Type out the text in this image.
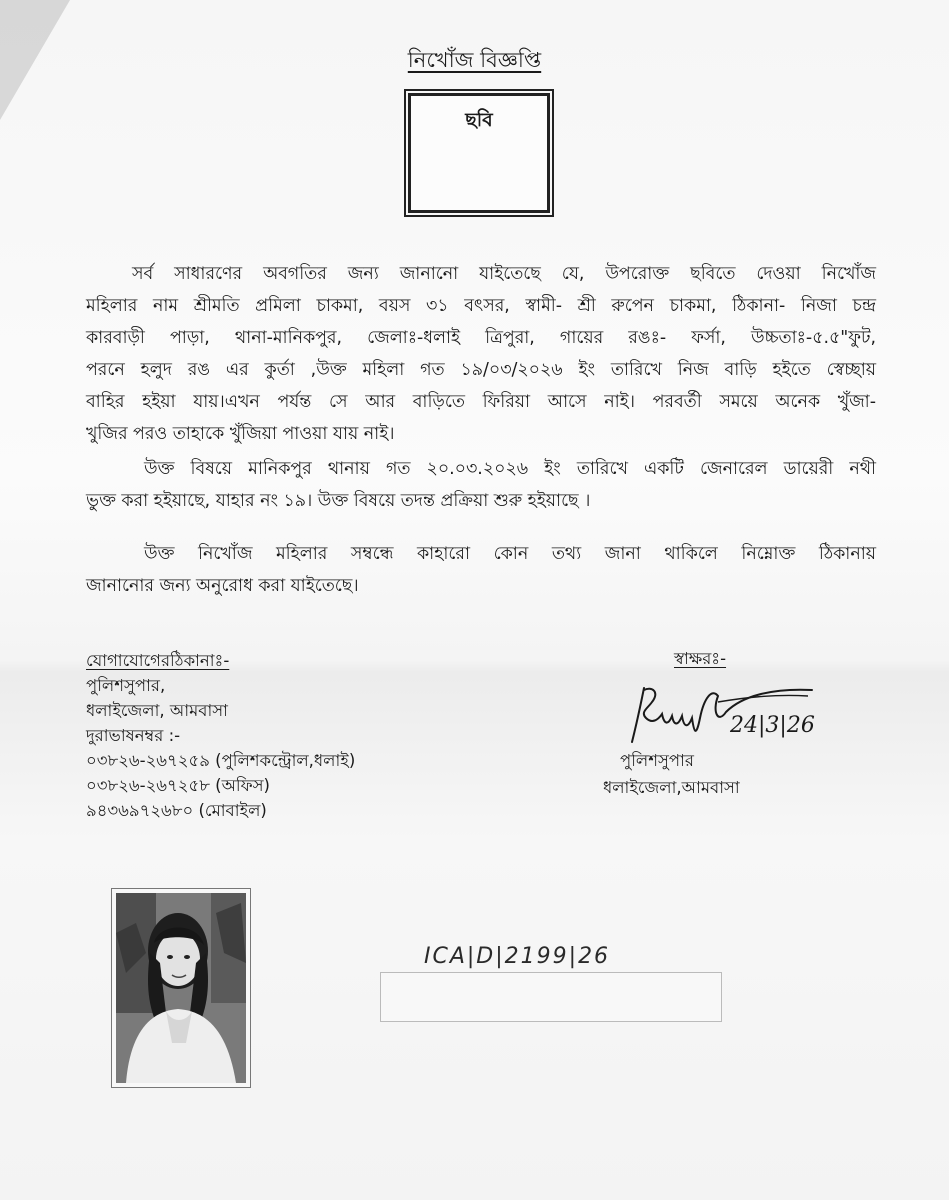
নিখোঁজ বিজ্ঞপ্তি
ছবি
সর্ব সাধারণের অবগতির জন্য জানানো যাইতেছে যে, উপরোক্ত ছবিতে দেওয়া নিখোঁজ
মহিলার নাম শ্রীমতি প্রমিলা চাকমা, বয়স ৩১ বৎসর, স্বামী- শ্রী রুপেন চাকমা, ঠিকানা- নিজা চন্দ্র
কারবাড়ী পাড়া, থানা-মানিকপুর, জেলাঃ-ধলাই ত্রিপুরা, গায়ের রঙঃ- ফর্সা, উচ্চতাঃ-৫.৫"ফুট,
পরনে হলুদ রঙ এর কুর্তা ,উক্ত মহিলা গত ১৯/০৩/২০২৬ ইং তারিখে নিজ বাড়ি হইতে স্বেচ্ছায়
বাহির হইয়া যায়।এখন পর্যন্ত সে আর বাড়িতে ফিরিয়া আসে নাই। পরবর্তী সময়ে অনেক খুঁজা-
খুজির পরও তাহাকে খুঁজিয়া পাওয়া যায় নাই।
উক্ত বিষয়ে মানিকপুর থানায় গত ২০.০৩.২০২৬ ইং তারিখে একটি জেনারেল ডায়েরী নথী
ভুক্ত করা হইয়াছে, যাহার নং ১৯। উক্ত বিষয়ে তদন্ত প্রক্রিয়া শুরু হইয়াছে ।
উক্ত নিখোঁজ মহিলার সম্বন্ধে কাহারো কোন তথ্য জানা থাকিলে নিম্নোক্ত ঠিকানায়
জানানোর জন্য অনুরোধ করা যাইতেছে।
যোগাযোগেরঠিকানাঃ-
পুলিশসুপার,
ধলাইজেলা, আমবাসা
দুরাভাষনম্বর :-
০৩৮২৬-২৬৭২৫৯ (পুলিশকন্ট্রোল,ধলাই)
০৩৮২৬-২৬৭২৫৮ (অফিস)
৯৪৩৬৯৭২৬৮০ (মোবাইল)
স্বাক্ষরঃ-
24|3|26
পুলিশসুপার
ধলাইজেলা,আমবাসা
ICA|D|2199|26
